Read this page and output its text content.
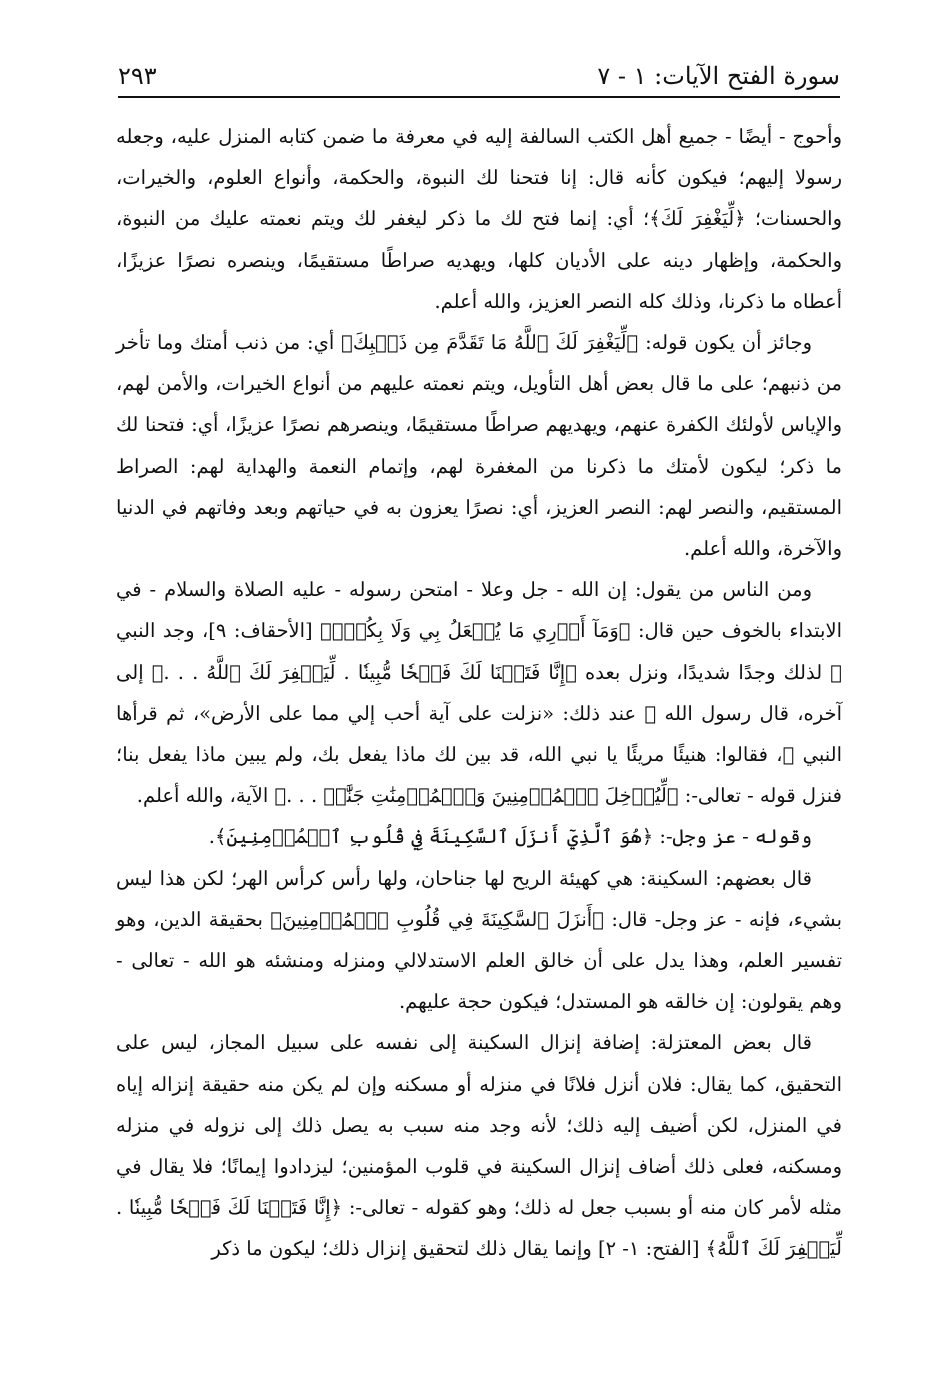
سورة الفتح الآيات: ١ - ٧
٢٩٣

وأحوج - أيضًا - جميع أهل الكتب السالفة إليه في معرفة ما ضمن كتابه المنزل عليه، وجعله رسولا إليهم؛ فيكون كأنه قال: إنا فتحنا لك النبوة، والحكمة، وأنواع العلوم، والخيرات، والحسنات؛ ﴿لِّيَغْفِرَ لَكَ﴾؛ أي: إنما فتح لك ما ذكر ليغفر لك ويتم نعمته عليك من النبوة، والحكمة، وإظهار دينه على الأديان كلها، ويهديه صراطًا مستقيمًا، وينصره نصرًا عزيزًا، أعطاه ما ذكرنا، وذلك كله النصر العزيز، والله أعلم.

وجائز أن يكون قوله: ﴿لِّيَغْفِرَ لَكَ ٱللَّهُ مَا تَقَدَّمَ مِن ذَنۢبِكَ﴾ أي: من ذنب أمتك وما تأخر من ذنبهم؛ على ما قال بعض أهل التأويل، ويتم نعمته عليهم من أنواع الخيرات، والأمن لهم، والإياس لأولئك الكفرة عنهم، ويهديهم صراطًا مستقيمًا، وينصرهم نصرًا عزيزًا، أي: فتحنا لك ما ذكر؛ ليكون لأمتك ما ذكرنا من المغفرة لهم، وإتمام النعمة والهداية لهم: الصراط المستقيم، والنصر لهم: النصر العزيز، أي: نصرًا يعزون به في حياتهم وبعد وفاتهم في الدنيا والآخرة، والله أعلم.

ومن الناس من يقول: إن الله - جل وعلا - امتحن رسوله - عليه الصلاة والسلام - في الابتداء بالخوف حين قال: ﴿وَمَآ أَدۡرِي مَا يُفۡعَلُ بِي وَلَا بِكُمۡۖ﴾ [الأحقاف: ٩]، وجد النبي ﷺ لذلك وجدًا شديدًا، ونزل بعده ﴿إِنَّا فَتَحۡنَا لَكَ فَتۡحٗا مُّبِينٗا . لِّيَغۡفِرَ لَكَ ٱللَّهُ . . .﴾ إلى آخره، قال رسول الله ﷺ عند ذلك: «نزلت على آية أحب إلي مما على الأرض»، ثم قرأها النبي ﷺ، فقالوا: هنيئًا مريئًا يا نبي الله، قد بين لك ماذا يفعل بك، ولم يبين ماذا يفعل بنا؛ فنزل قوله - تعالى-: ﴿لِّيُدۡخِلَ ٱلۡمُؤۡمِنِينَ وَٱلۡمُؤۡمِنَٰتِ جَنَّٰتٖ . . .﴾ الآية، والله أعلم.

وقوله - عز وجل-: ﴿هُوَ ٱلَّذِيٓ أَنزَلَ ٱلسَّكِينَةَ فِي قُلُوبِ ٱلۡمُؤۡمِنِينَ﴾.

قال بعضهم: السكينة: هي كهيئة الريح لها جناحان، ولها رأس كرأس الهر؛ لكن هذا ليس بشيء، فإنه - عز وجل- قال: ﴿أَنزَلَ ٱلسَّكِينَةَ فِي قُلُوبِ ٱلۡمُؤۡمِنِينَ﴾ بحقيقة الدين، وهو تفسير العلم، وهذا يدل على أن خالق العلم الاستدلالي ومنزله ومنشئه هو الله - تعالى - وهم يقولون: إن خالقه هو المستدل؛ فيكون حجة عليهم.

قال بعض المعتزلة: إضافة إنزال السكينة إلى نفسه على سبيل المجاز، ليس على التحقيق، كما يقال: فلان أنزل فلانًا في منزله أو مسكنه وإن لم يكن منه حقيقة إنزاله إياه في المنزل، لكن أضيف إليه ذلك؛ لأنه وجد منه سبب به يصل ذلك إلى نزوله في منزله ومسكنه، فعلى ذلك أضاف إنزال السكينة في قلوب المؤمنين؛ ليزدادوا إيمانًا؛ فلا يقال في مثله لأمر كان منه أو بسبب جعل له ذلك؛ وهو كقوله - تعالى-: ﴿إِنَّا فَتَحۡنَا لَكَ فَتۡحٗا مُّبِينٗا . لِّيَغۡفِرَ لَكَ ٱللَّهُ﴾ [الفتح: ١- ٢] وإنما يقال ذلك لتحقيق إنزال ذلك؛ ليكون ما ذكر
